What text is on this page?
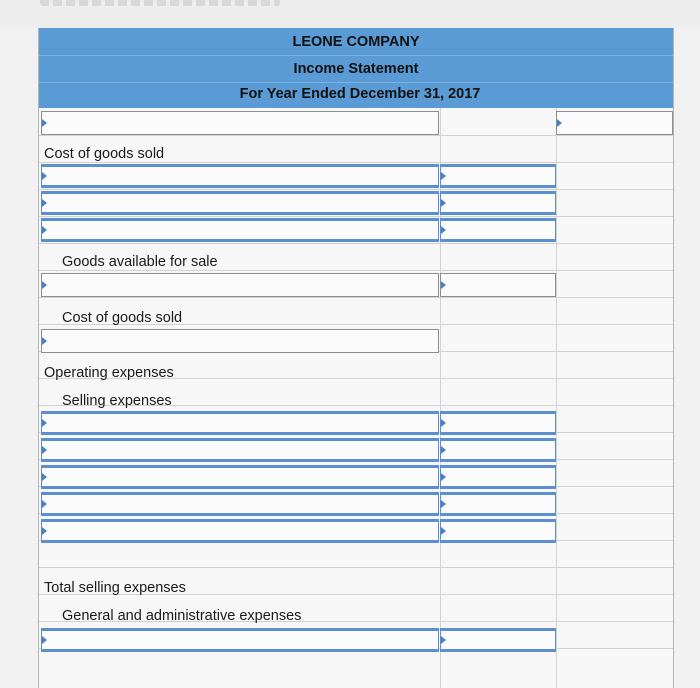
LEONE COMPANY
Income Statement
For Year Ended December 31, 2017
Cost of goods sold
Goods available for sale
Cost of goods sold
Operating expenses
Selling expenses
Total selling expenses
General and administrative expenses
